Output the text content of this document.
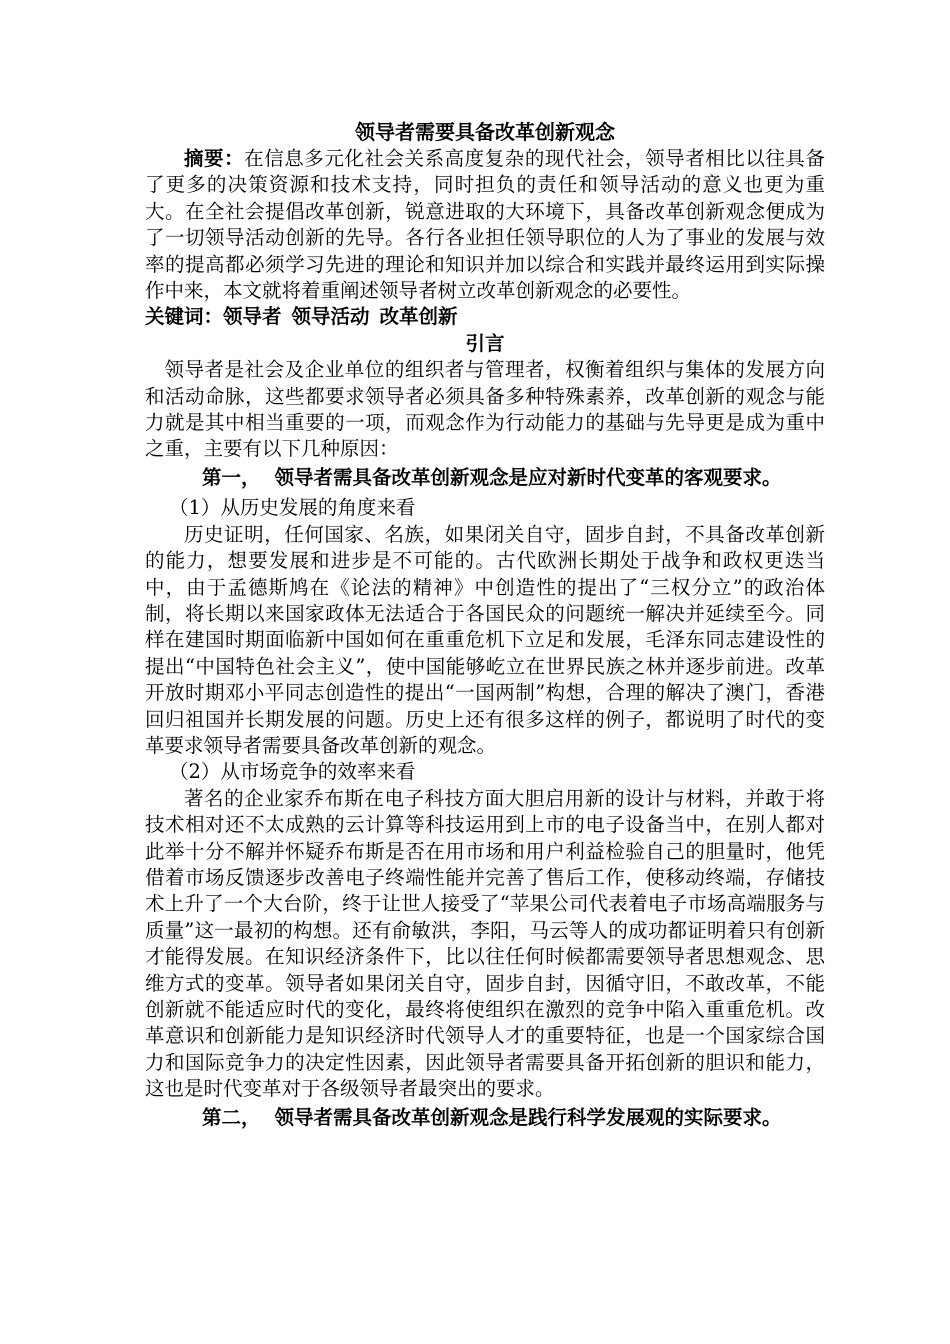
领导者需要具备改革创新观念

摘要：在信息多元化社会关系高度复杂的现代社会，领导者相比以往具备了更多的决策资源和技术支持，同时担负的责任和领导活动的意义也更为重大。在全社会提倡改革创新，锐意进取的大环境下，具备改革创新观念便成为了一切领导活动创新的先导。各行各业担任领导职位的人为了事业的发展与效率的提高都必须学习先进的理论和知识并加以综合和实践并最终运用到实际操作中来，本文就将着重阐述领导者树立改革创新观念的必要性。

关键词：领导者 领导活动 改革创新

引言

领导者是社会及企业单位的组织者与管理者，权衡着组织与集体的发展方向和活动命脉，这些都要求领导者必须具备多种特殊素养，改革创新的观念与能力就是其中相当重要的一项，而观念作为行动能力的基础与先导更是成为重中之重，主要有以下几种原因：

第一， 领导者需具备改革创新观念是应对新时代变革的客观要求。

（1）从历史发展的角度来看

历史证明，任何国家、名族，如果闭关自守，固步自封，不具备改革创新的能力，想要发展和进步是不可能的。古代欧洲长期处于战争和政权更迭当中，由于孟德斯鸠在《论法的精神》中创造性的提出了“三权分立”的政治体制，将长期以来国家政体无法适合于各国民众的问题统一解决并延续至今。同样在建国时期面临新中国如何在重重危机下立足和发展，毛泽东同志建设性的提出“中国特色社会主义”，使中国能够屹立在世界民族之林并逐步前进。改革开放时期邓小平同志创造性的提出“一国两制”构想，合理的解决了澳门，香港回归祖国并长期发展的问题。历史上还有很多这样的例子，都说明了时代的变革要求领导者需要具备改革创新的观念。

（2）从市场竞争的效率来看

著名的企业家乔布斯在电子科技方面大胆启用新的设计与材料，并敢于将技术相对还不太成熟的云计算等科技运用到上市的电子设备当中，在别人都对此举十分不解并怀疑乔布斯是否在用市场和用户利益检验自己的胆量时，他凭借着市场反馈逐步改善电子终端性能并完善了售后工作，使移动终端，存储技术上升了一个大台阶，终于让世人接受了“苹果公司代表着电子市场高端服务与质量”这一最初的构想。还有俞敏洪，李阳，马云等人的成功都证明着只有创新才能得发展。在知识经济条件下，比以往任何时候都需要领导者思想观念、思维方式的变革。领导者如果闭关自守，固步自封，因循守旧，不敢改革，不能创新就不能适应时代的变化，最终将使组织在激烈的竞争中陷入重重危机。改革意识和创新能力是知识经济时代领导人才的重要特征，也是一个国家综合国力和国际竞争力的决定性因素，因此领导者需要具备开拓创新的胆识和能力，这也是时代变革对于各级领导者最突出的要求。

第二， 领导者需具备改革创新观念是践行科学发展观的实际要求。
